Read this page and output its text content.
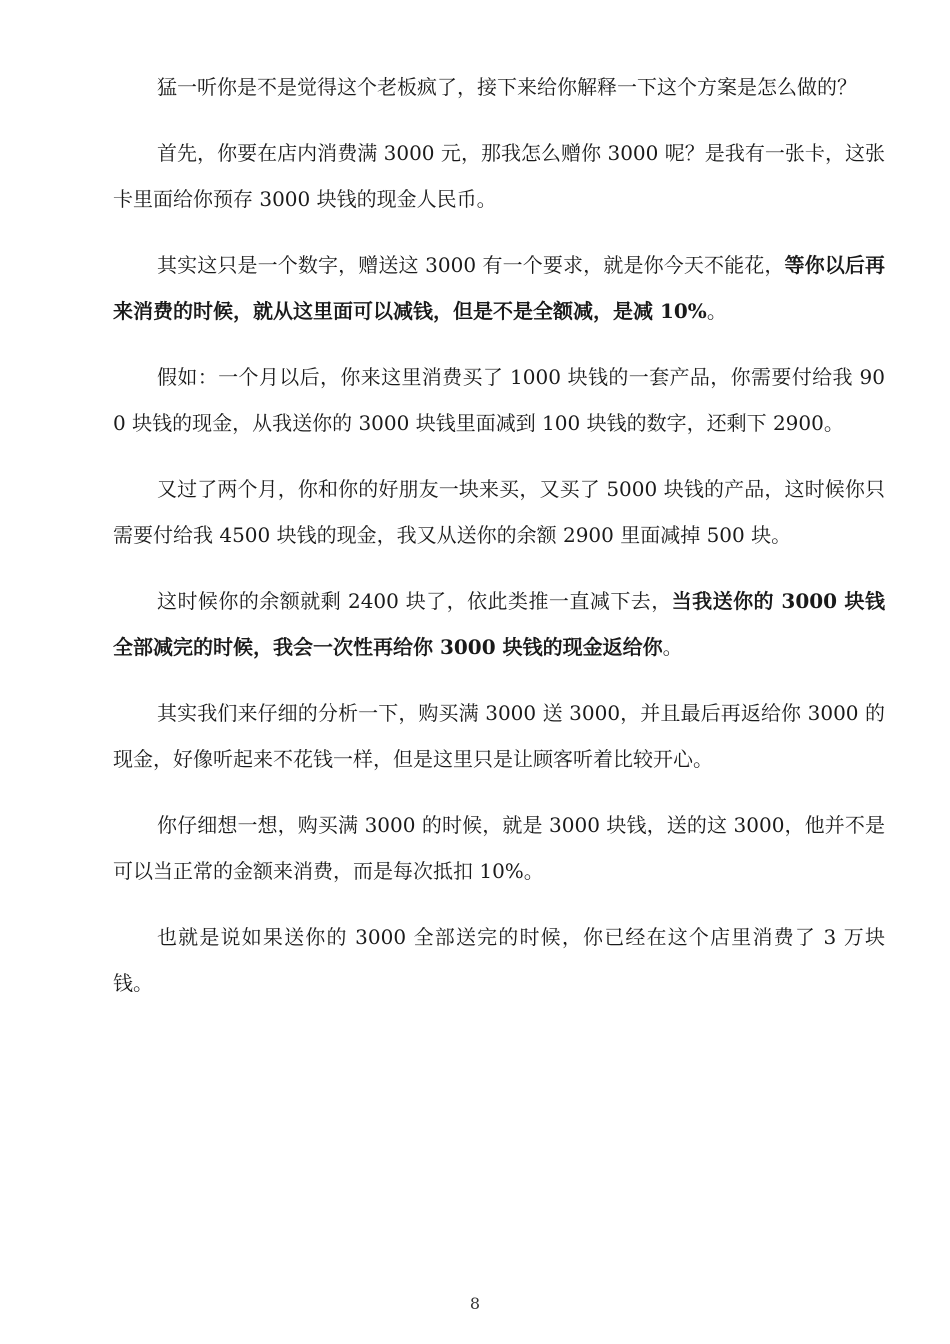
猛一听你是不是觉得这个老板疯了，接下来给你解释一下这个方案是怎么做的？

首先，你要在店内消费满 3000 元，那我怎么赠你 3000 呢？是我有一张卡，这张卡里面给你预存 3000 块钱的现金人民币。

其实这只是一个数字，赠送这 3000 有一个要求，就是你今天不能花，等你以后再来消费的时候，就从这里面可以减钱，但是不是全额减，是减 10%。

假如：一个月以后，你来这里消费买了 1000 块钱的一套产品，你需要付给我 900 块钱的现金，从我送你的 3000 块钱里面减到 100 块钱的数字，还剩下 2900。

又过了两个月，你和你的好朋友一块来买，又买了 5000 块钱的产品，这时候你只需要付给我 4500 块钱的现金，我又从送你的余额 2900 里面减掉 500 块。

这时候你的余额就剩 2400 块了，依此类推一直减下去，当我送你的 3000 块钱全部减完的时候，我会一次性再给你 3000 块钱的现金返给你。

其实我们来仔细的分析一下，购买满 3000 送 3000，并且最后再返给你 3000 的现金，好像听起来不花钱一样，但是这里只是让顾客听着比较开心。

你仔细想一想，购买满 3000 的时候，就是 3000 块钱，送的这 3000，他并不是可以当正常的金额来消费，而是每次抵扣 10%。

也就是说如果送你的 3000 全部送完的时候，你已经在这个店里消费了 3 万块钱。

8
